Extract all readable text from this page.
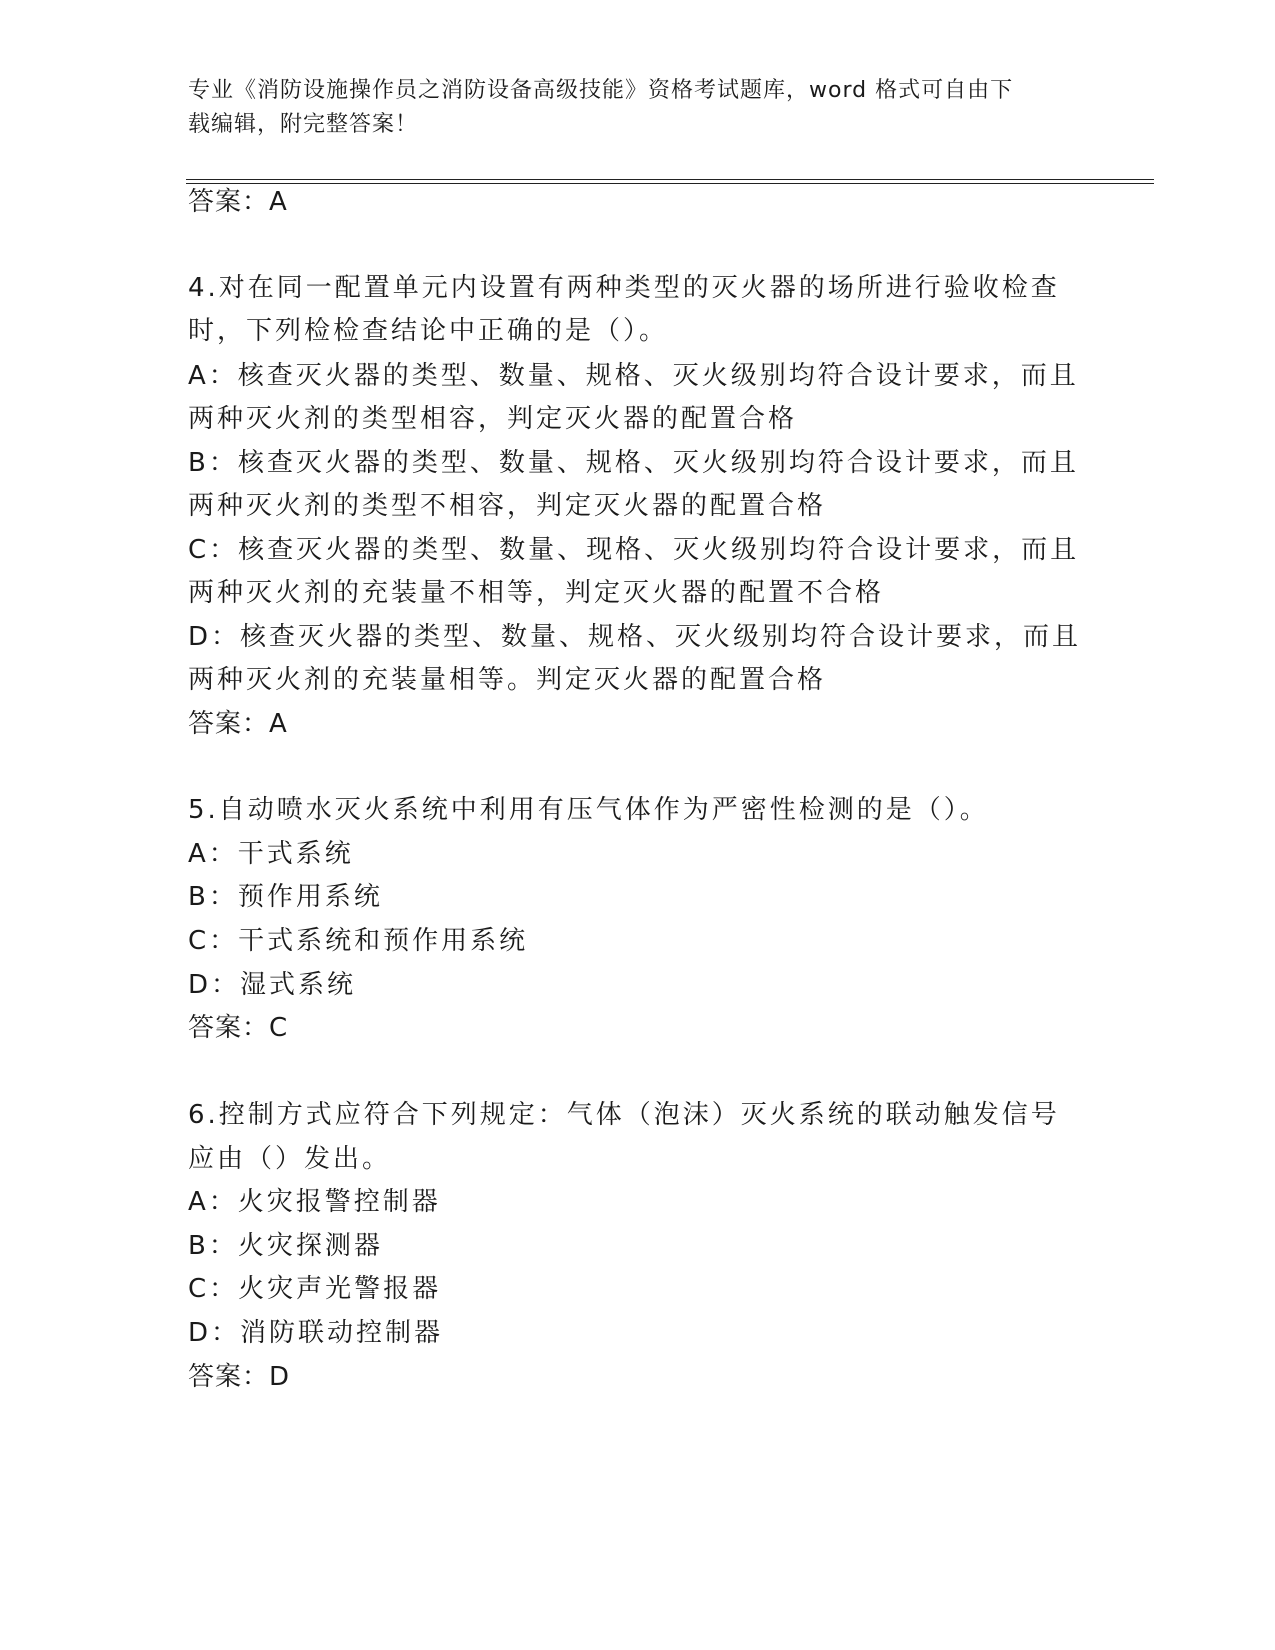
专业《消防设施操作员之消防设备高级技能》资格考试题库，word 格式可自由下
载编辑，附完整答案！
答案：A
4.对在同一配置单元内设置有两种类型的灭火器的场所进行验收检查
时，下列检检查结论中正确的是（）。
A：核查灭火器的类型、数量、规格、灭火级别均符合设计要求，而且
两种灭火剂的类型相容，判定灭火器的配置合格
B：核查灭火器的类型、数量、规格、灭火级别均符合设计要求，而且
两种灭火剂的类型不相容，判定灭火器的配置合格
C：核查灭火器的类型、数量、现格、灭火级别均符合设计要求，而且
两种灭火剂的充装量不相等，判定灭火器的配置不合格
D：核查灭火器的类型、数量、规格、灭火级别均符合设计要求，而且
两种灭火剂的充装量相等。判定灭火器的配置合格
答案：A
5.自动喷水灭火系统中利用有压气体作为严密性检测的是（）。
A：干式系统
B：预作用系统
C：干式系统和预作用系统
D：湿式系统
答案：C
6.控制方式应符合下列规定：气体（泡沫）灭火系统的联动触发信号
应由（）发出。
A：火灾报警控制器
B：火灾探测器
C：火灾声光警报器
D：消防联动控制器
答案：D
